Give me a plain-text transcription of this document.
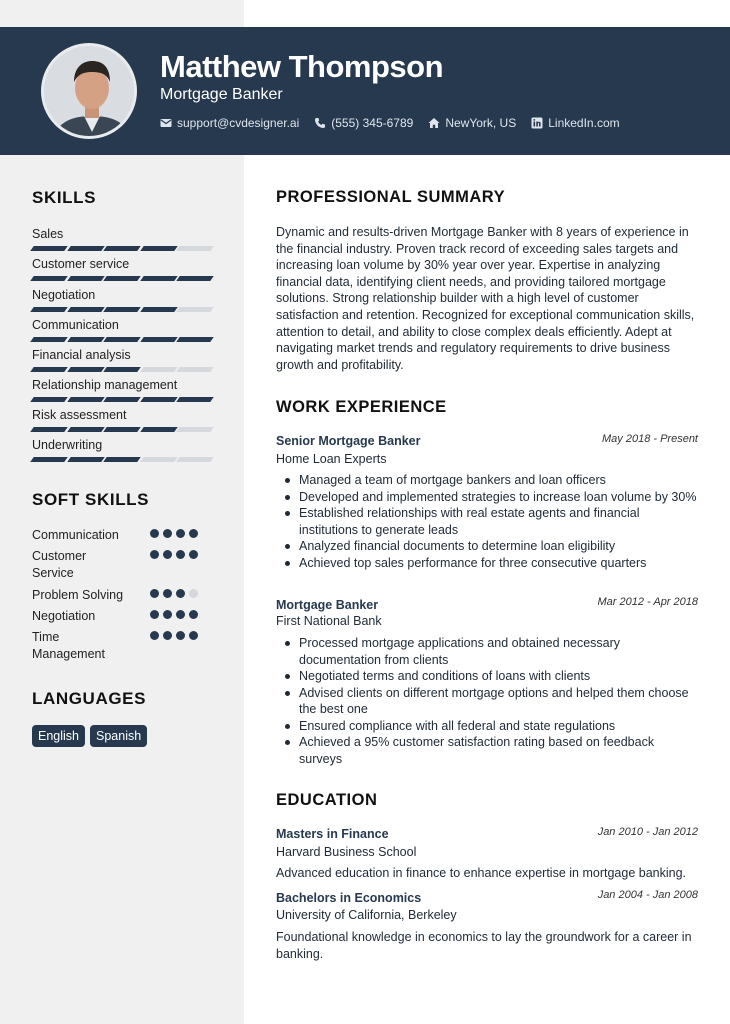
Matthew Thompson
Mortgage Banker
support@cvdesigner.ai	(555) 345-6789	NewYork, US	LinkedIn.com
SKILLS
Sales
Customer service
Negotiation
Communication
Financial analysis
Relationship management
Risk assessment
Underwriting
SOFT SKILLS
Communication
Customer Service
Problem Solving
Negotiation
Time Management
LANGUAGES
English	Spanish
PROFESSIONAL SUMMARY
Dynamic and results-driven Mortgage Banker with 8 years of experience in the financial industry. Proven track record of exceeding sales targets and increasing loan volume by 30% year over year. Expertise in analyzing financial data, identifying client needs, and providing tailored mortgage solutions. Strong relationship builder with a high level of customer satisfaction and retention. Recognized for exceptional communication skills, attention to detail, and ability to close complex deals efficiently. Adept at navigating market trends and regulatory requirements to drive business growth and profitability.
WORK EXPERIENCE
Senior Mortgage Banker	May 2018 - Present
Home Loan Experts
Managed a team of mortgage bankers and loan officers
Developed and implemented strategies to increase loan volume by 30%
Established relationships with real estate agents and financial institutions to generate leads
Analyzed financial documents to determine loan eligibility
Achieved top sales performance for three consecutive quarters
Mortgage Banker	Mar 2012 - Apr 2018
First National Bank
Processed mortgage applications and obtained necessary documentation from clients
Negotiated terms and conditions of loans with clients
Advised clients on different mortgage options and helped them choose the best one
Ensured compliance with all federal and state regulations
Achieved a 95% customer satisfaction rating based on feedback surveys
EDUCATION
Masters in Finance	Jan 2010 - Jan 2012
Harvard Business School
Advanced education in finance to enhance expertise in mortgage banking.
Bachelors in Economics	Jan 2004 - Jan 2008
University of California, Berkeley
Foundational knowledge in economics to lay the groundwork for a career in banking.
